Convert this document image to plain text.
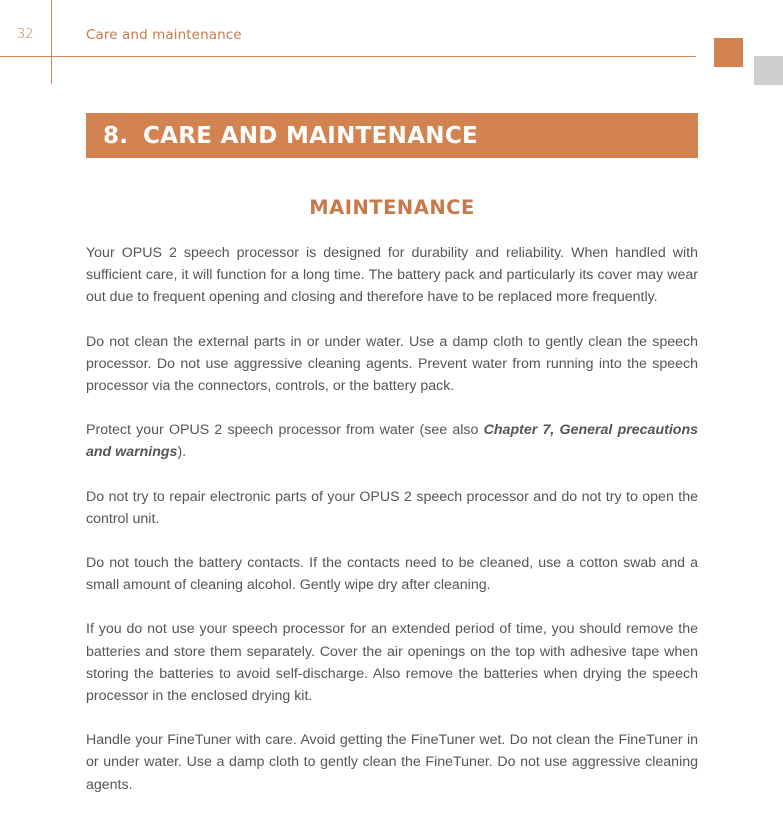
32	Care and maintenance
8. CARE AND MAINTENANCE
MAINTENANCE

Your OPUS 2 speech processor is designed for durability and reliability. When handled with sufficient care, it will function for a long time. The battery pack and particularly its cover may wear out due to frequent opening and closing and therefore have to be replaced more frequently.

Do not clean the external parts in or under water. Use a damp cloth to gently clean the speech processor. Do not use aggressive cleaning agents. Prevent water from running into the speech processor via the connectors, controls, or the battery pack.

Protect your OPUS 2 speech processor from water (see also Chapter 7, General precautions and warnings).

Do not try to repair electronic parts of your OPUS 2 speech processor and do not try to open the control unit.

Do not touch the battery contacts. If the contacts need to be cleaned, use a cotton swab and a small amount of cleaning alcohol. Gently wipe dry after cleaning.

If you do not use your speech processor for an extended period of time, you should remove the batteries and store them separately. Cover the air openings on the top with adhesive tape when storing the batteries to avoid self-discharge. Also remove the batteries when drying the speech processor in the enclosed drying kit.

Handle your FineTuner with care. Avoid getting the FineTuner wet. Do not clean the FineTuner in or under water. Use a damp cloth to gently clean the FineTuner. Do not use aggressive cleaning agents.
